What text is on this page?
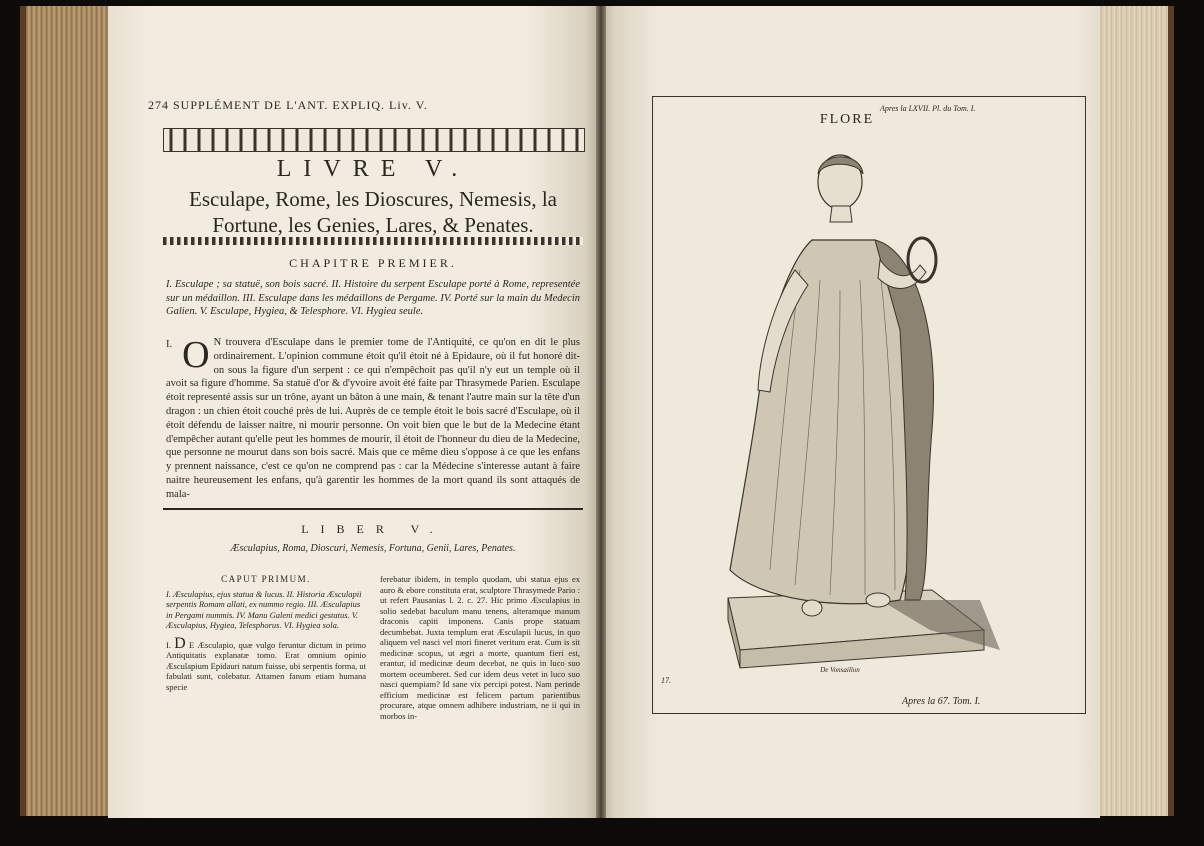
274 SUPPLÉMENT DE L'ANT. EXPLIQ. Liv. V.
LIVRE V.
Esculape, Rome, les Dioscures, Nemesis, la Fortune, les Genies, Lares, & Penates.
CHAPITRE PREMIER.
I. Esculape ; sa statuë, son bois sacré. II. Histoire du serpent Esculape porté à Rome, representée sur un médaillon. III. Esculape dans les médaillons de Pergame. IV. Porté sur la main du Medecin Galien. V. Esculape, Hygiea, & Telesphore. VI. Hygiea seule.
I. O N trouvera d'Esculape dans le premier tome de l'Antiquité, ce qu'on en dit le plus ordinairement. L'opinion commune étoit qu'il étoit né à Epidaure, où il fut honoré dit-on sous la figure d'un serpent : ce qui n'empêchoit pas qu'il n'y eut un temple où il avoit sa figure d'homme. Sa statuë d'or & d'yvoire avoit été faite par Thrasymede Parien. Esculape étoit representé assis sur un trône, ayant un bâton à une main, & tenant l'autre main sur la tête d'un dragon : un chien étoit couché près de lui. Auprès de ce temple étoit le bois sacré d'Esculape, où il étoit défendu de laisser naitre, ni mourir personne. On voit bien que le but de la Medecine étant d'empêcher autant qu'elle peut les hommes de mourir, il étoit de l'honneur du dieu de la Medecine, que personne ne mourut dans son bois sacré. Mais que ce même dieu s'oppose à ce que les enfans y prennent naissance, c'est ce qu'on ne comprend pas : car la Médecine s'interesse autant à faire naitre heureusement les enfans, qu'à garentir les hommes de la mort quand ils sont attaqués de mala-
LIBER V.
Æsculapius, Roma, Dioscuri, Nemesis, Fortuna, Genii, Lares, Penates.
CAPUT PRIMUM.
I. Æsculapius, ejus statua & lucus. II. Historia Æsculapii serpentis Romam allati, ex nummo regio. III. Æsculapius in Pergami nummis. IV. Manu Galeni medici gestatus. V. Æsculapius, Hygiea, Telesphorus. VI. Hygiea sola.
I. D E Æsculapio, quæ vulgo feruntur dictum in primo Antiquitatis explanatæ tomo. Erat omnium opinio Æsculapium Epidauri natum fuisse, ubi serpentis forma, ut fabulati sunt, colebatur. Attamen fanum etiam humana specie
ferebatur ibidem, in templo quodam, ubi statua ejus ex auro & ebore constituta erat, sculptore Thrasymede Pario : ut refert Pausanias l. 2. c. 27. Hic primo Æsculapius in solio sedebat baculum manu tenens, alteramque manum draconis capiti imponens. Canis prope statuam decumbebat. Juxta templum erat Æsculapii lucus, in quo aliquem vel nasci vel mori fineret veritum erat. Cum is sit medicinæ scopus, ut ægri a morte, quantum fieri est, erantur, id medicinæ deum decebat, ne quis in luco suo mortem oceumberet. Sed cur idem deus vetet in luco suo nasci quempiam? Id sane vix percipi potest. Nam perinde efficium medicinæ est felicem partum parientibus procurare, atque omnem adhibere industriam, ne ii qui in morbos in-
Apres la LXVII. Pl. du Tom. I.
FLORE
De Vonsaillon
17.
Apres la 67. Tom. I.
